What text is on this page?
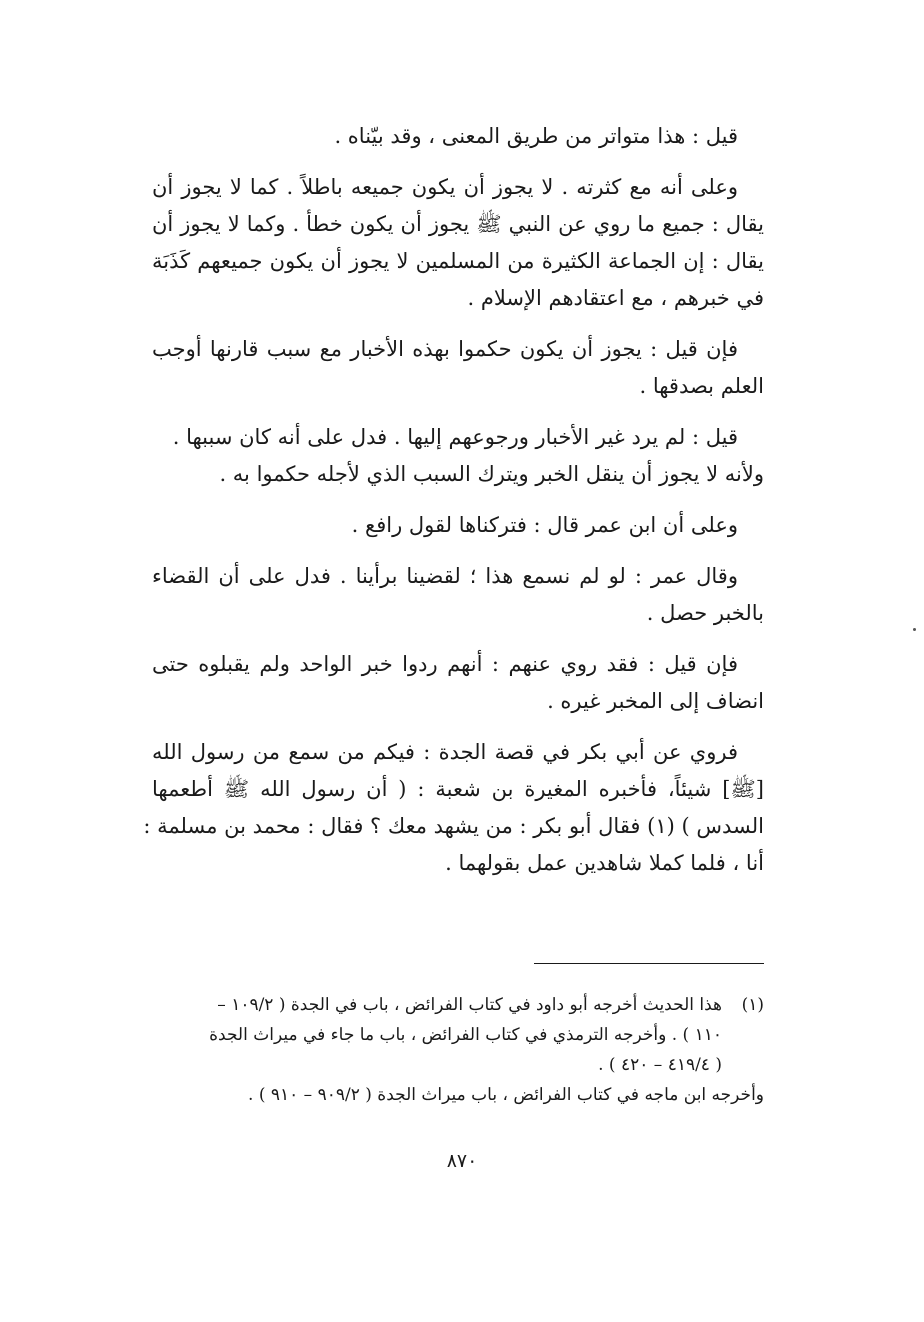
قيل : هذا متواتر من طريق المعنى ، وقد بيّناه .
وعلى أنه مع كثرته . لا يجوز أن يكون جميعه باطلاً . كما لا يجوز أن
يقال : جميع ما روي عن النبي ﷺ يجوز أن يكون خطأ . وكما لا يجوز أن
يقال : إن الجماعة الكثيرة من المسلمين لا يجوز أن يكون جميعهم كَذَبَة
في خبرهم ، مع اعتقادهم الإسلام .
فإن قيل : يجوز أن يكون حكموا بهذه الأخبار مع سبب قارنها أوجب
العلم بصدقها .
قيل : لم يرد غير الأخبار ورجوعهم إليها . فدل على أنه كان سببها .
ولأنه لا يجوز أن ينقل الخبر ويترك السبب الذي لأجله حكموا به .
وعلى أن ابن عمر قال : فتركناها لقول رافع .
وقال عمر : لو لم نسمع هذا ؛ لقضينا برأينا . فدل على أن القضاء
بالخبر حصل .
فإن قيل : فقد روي عنهم : أنهم ردوا خبر الواحد ولم يقبلوه حتى
انضاف إلى المخبر غيره .
فروي عن أبي بكر في قصة الجدة : فيكم من سمع من رسول الله
[ﷺ] شيئاً، فأخبره المغيرة بن شعبة : ( أن رسول الله ﷺ أطعمها
السدس ) (١) فقال أبو بكر : من يشهد معك ؟ فقال : محمد بن مسلمة :
أنا ، فلما كملا شاهدين عمل بقولهما .
(١)هذا الحديث أخرجه أبو داود في كتاب الفرائض ، باب في الجدة ( ١٠٩/٢ –
١١٠ ) . وأخرجه الترمذي في كتاب الفرائض ، باب ما جاء في ميراث الجدة
( ٤١٩/٤ – ٤٢٠ ) .
وأخرجه ابن ماجه في كتاب الفرائض ، باب ميراث الجدة ( ٩٠٩/٢ – ٩١٠ ) .
٨٧٠
